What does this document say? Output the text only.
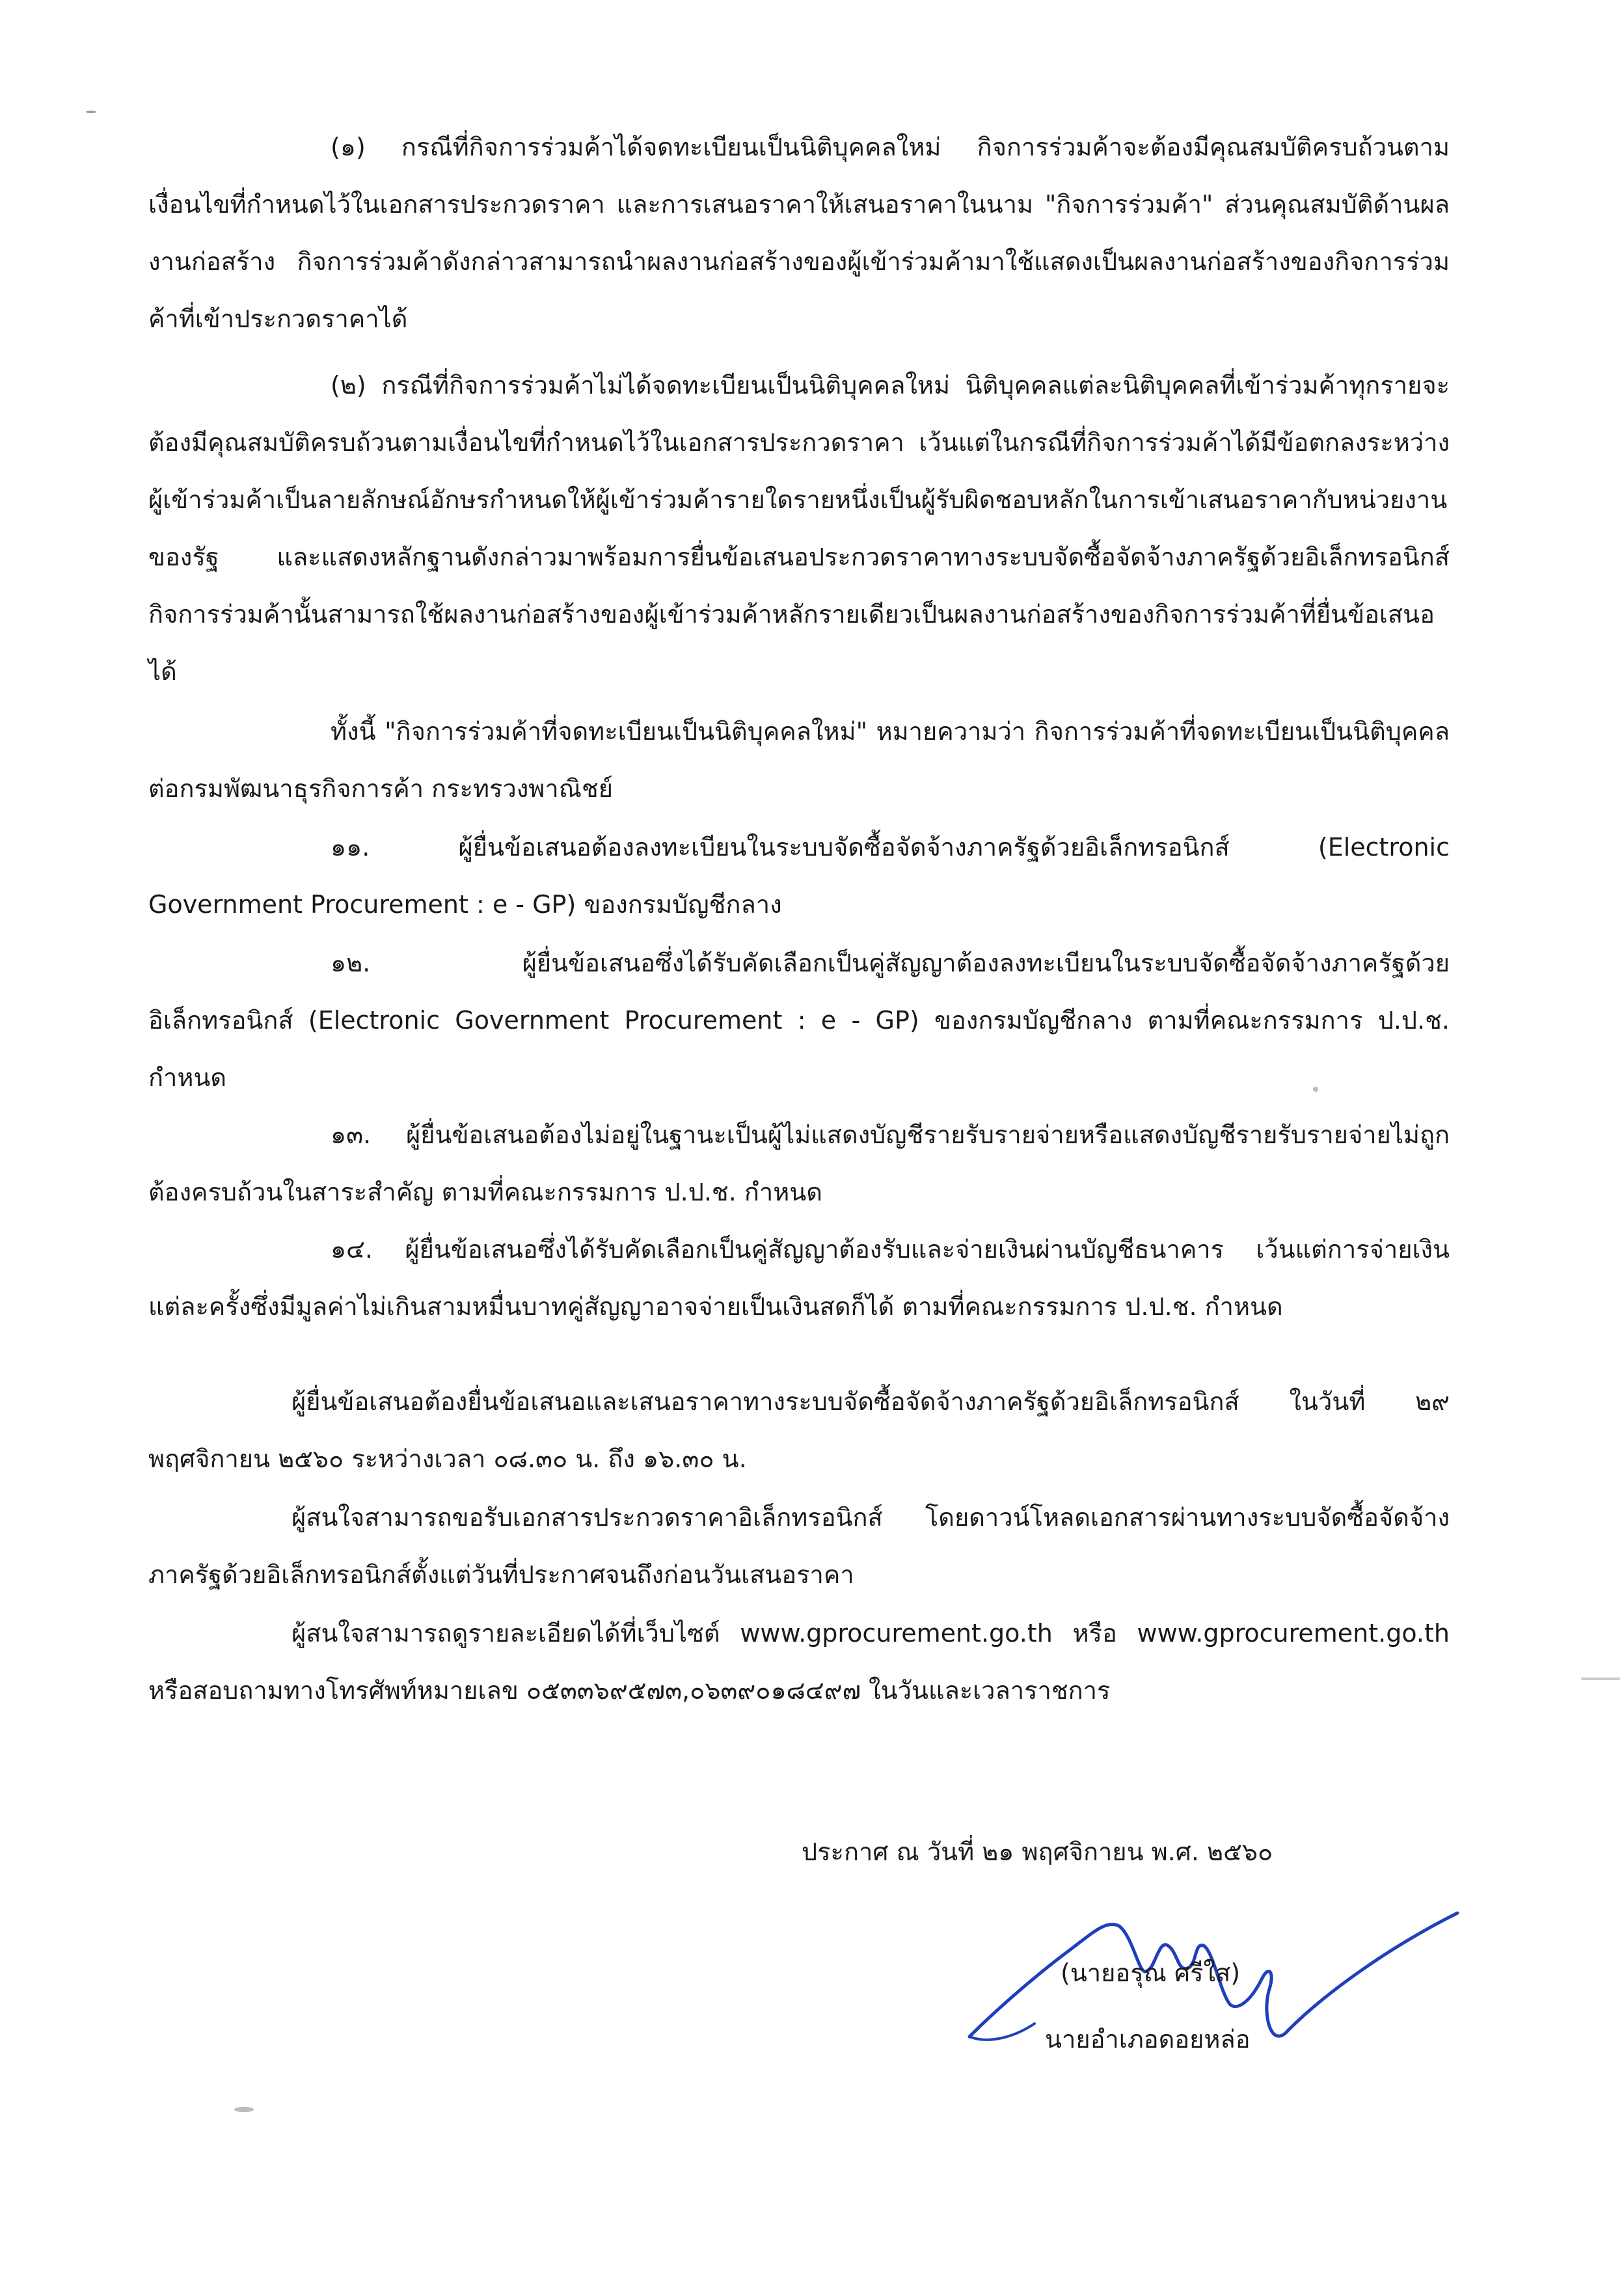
(๑) กรณีที่กิจการร่วมค้าได้จดทะเบียนเป็นนิติบุคคลใหม่ กิจการร่วมค้าจะต้องมีคุณสมบัติครบถ้วนตามเงื่อนไขที่กำหนดไว้ในเอกสารประกวดราคา และการเสนอราคาให้เสนอราคาในนาม "กิจการร่วมค้า" ส่วนคุณสมบัติด้านผลงานก่อสร้าง กิจการร่วมค้าดังกล่าวสามารถนำผลงานก่อสร้างของผู้เข้าร่วมค้ามาใช้แสดงเป็นผลงานก่อสร้างของกิจการร่วมค้าที่เข้าประกวดราคาได้

(๒) กรณีที่กิจการร่วมค้าไม่ได้จดทะเบียนเป็นนิติบุคคลใหม่ นิติบุคคลแต่ละนิติบุคคลที่เข้าร่วมค้าทุกรายจะต้องมีคุณสมบัติครบถ้วนตามเงื่อนไขที่กำหนดไว้ในเอกสารประกวดราคา เว้นแต่ในกรณีที่กิจการร่วมค้าได้มีข้อตกลงระหว่างผู้เข้าร่วมค้าเป็นลายลักษณ์อักษรกำหนดให้ผู้เข้าร่วมค้ารายใดรายหนึ่งเป็นผู้รับผิดชอบหลักในการเข้าเสนอราคากับหน่วยงานของรัฐ และแสดงหลักฐานดังกล่าวมาพร้อมการยื่นข้อเสนอประกวดราคาทางระบบจัดซื้อจัดจ้างภาครัฐด้วยอิเล็กทรอนิกส์ กิจการร่วมค้านั้นสามารถใช้ผลงานก่อสร้างของผู้เข้าร่วมค้าหลักรายเดียวเป็นผลงานก่อสร้างของกิจการร่วมค้าที่ยื่นข้อเสนอได้

ทั้งนี้ "กิจการร่วมค้าที่จดทะเบียนเป็นนิติบุคคลใหม่" หมายความว่า กิจการร่วมค้าที่จดทะเบียนเป็นนิติบุคคลต่อกรมพัฒนาธุรกิจการค้า กระทรวงพาณิชย์

๑๑. ผู้ยื่นข้อเสนอต้องลงทะเบียนในระบบจัดซื้อจัดจ้างภาครัฐด้วยอิเล็กทรอนิกส์ (Electronic Government Procurement : e - GP) ของกรมบัญชีกลาง

๑๒. ผู้ยื่นข้อเสนอซึ่งได้รับคัดเลือกเป็นคู่สัญญาต้องลงทะเบียนในระบบจัดซื้อจัดจ้างภาครัฐด้วยอิเล็กทรอนิกส์ (Electronic Government Procurement : e - GP) ของกรมบัญชีกลาง ตามที่คณะกรรมการ ป.ป.ช. กำหนด

๑๓. ผู้ยื่นข้อเสนอต้องไม่อยู่ในฐานะเป็นผู้ไม่แสดงบัญชีรายรับรายจ่ายหรือแสดงบัญชีรายรับรายจ่ายไม่ถูกต้องครบถ้วนในสาระสำคัญ ตามที่คณะกรรมการ ป.ป.ช. กำหนด

๑๔. ผู้ยื่นข้อเสนอซึ่งได้รับคัดเลือกเป็นคู่สัญญาต้องรับและจ่ายเงินผ่านบัญชีธนาคาร เว้นแต่การจ่ายเงินแต่ละครั้งซึ่งมีมูลค่าไม่เกินสามหมื่นบาทคู่สัญญาอาจจ่ายเป็นเงินสดก็ได้ ตามที่คณะกรรมการ ป.ป.ช. กำหนด

ผู้ยื่นข้อเสนอต้องยื่นข้อเสนอและเสนอราคาทางระบบจัดซื้อจัดจ้างภาครัฐด้วยอิเล็กทรอนิกส์ ในวันที่ ๒๙ พฤศจิกายน ๒๕๖๐ ระหว่างเวลา ๐๘.๓๐ น. ถึง ๑๖.๓๐ น.

ผู้สนใจสามารถขอรับเอกสารประกวดราคาอิเล็กทรอนิกส์ โดยดาวน์โหลดเอกสารผ่านทางระบบจัดซื้อจัดจ้างภาครัฐด้วยอิเล็กทรอนิกส์ตั้งแต่วันที่ประกาศจนถึงก่อนวันเสนอราคา

ผู้สนใจสามารถดูรายละเอียดได้ที่เว็บไซต์ www.gprocurement.go.th หรือ www.gprocurement.go.th หรือสอบถามทางโทรศัพท์หมายเลข ๐๕๓๓๖๙๕๗๓,๐๖๓๙๐๑๘๔๙๗ ในวันและเวลาราชการ

ประกาศ ณ วันที่ ๒๑ พฤศจิกายน พ.ศ. ๒๕๖๐
(นายอรุณ ศรีใส)
นายอำเภอดอยหล่อ
